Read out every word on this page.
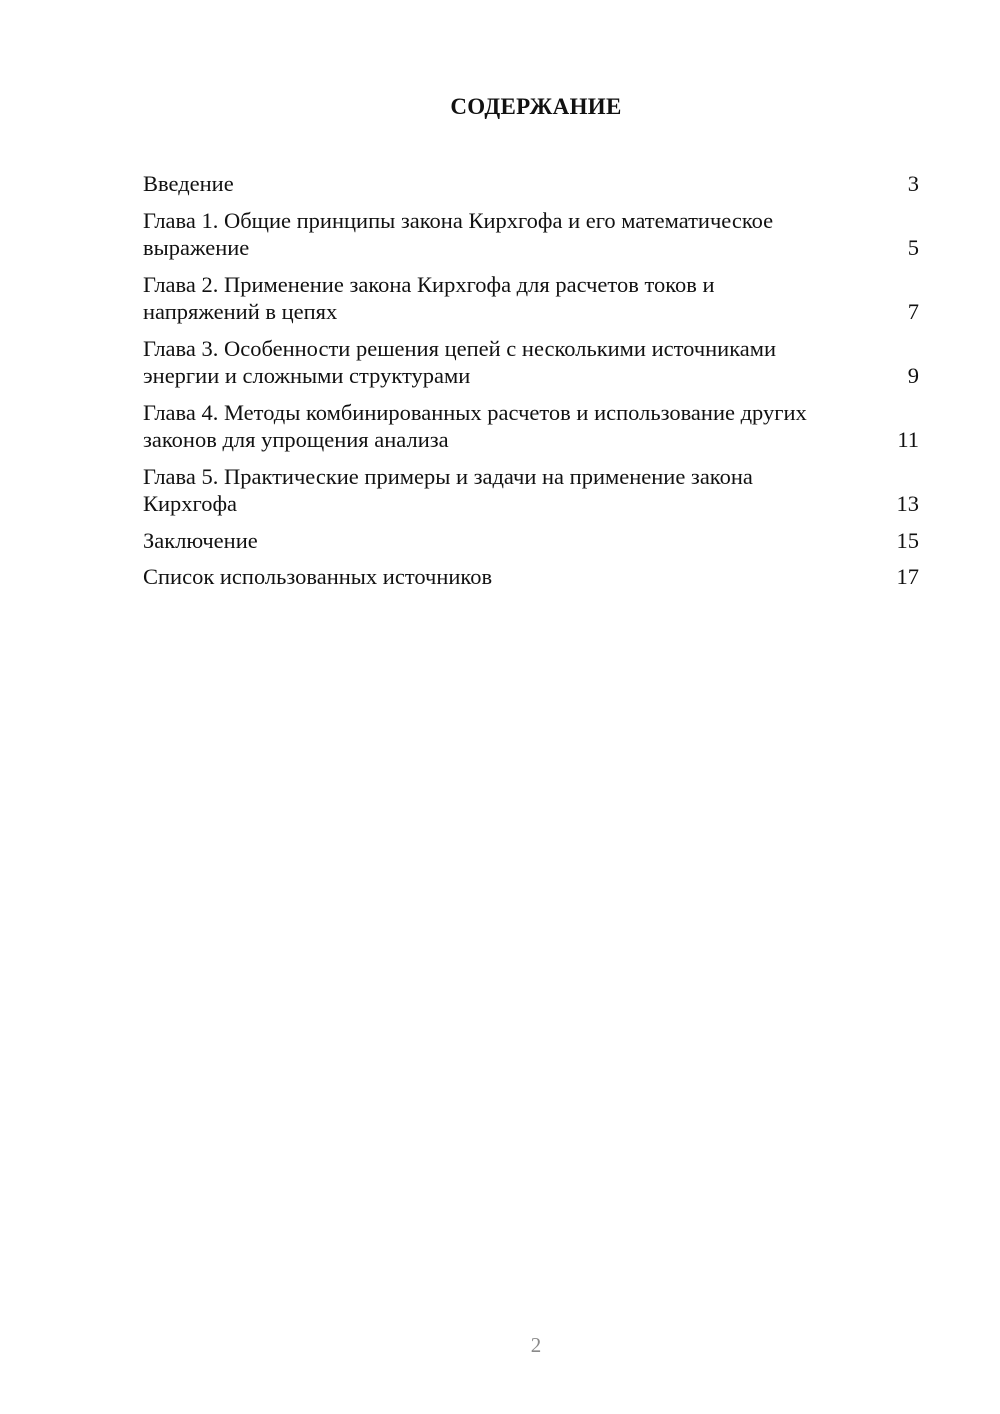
СОДЕРЖАНИЕ
Введение	3
Глава 1. Общие принципы закона Кирхгофа и его математическое выражение	5
Глава 2. Применение закона Кирхгофа для расчетов токов и напряжений в цепях	7
Глава 3. Особенности решения цепей с несколькими источниками энергии и сложными структурами	9
Глава 4. Методы комбинированных расчетов и использование других законов для упрощения анализа	11
Глава 5. Практические примеры и задачи на применение закона Кирхгофа	13
Заключение	15
Список использованных источников	17
2
